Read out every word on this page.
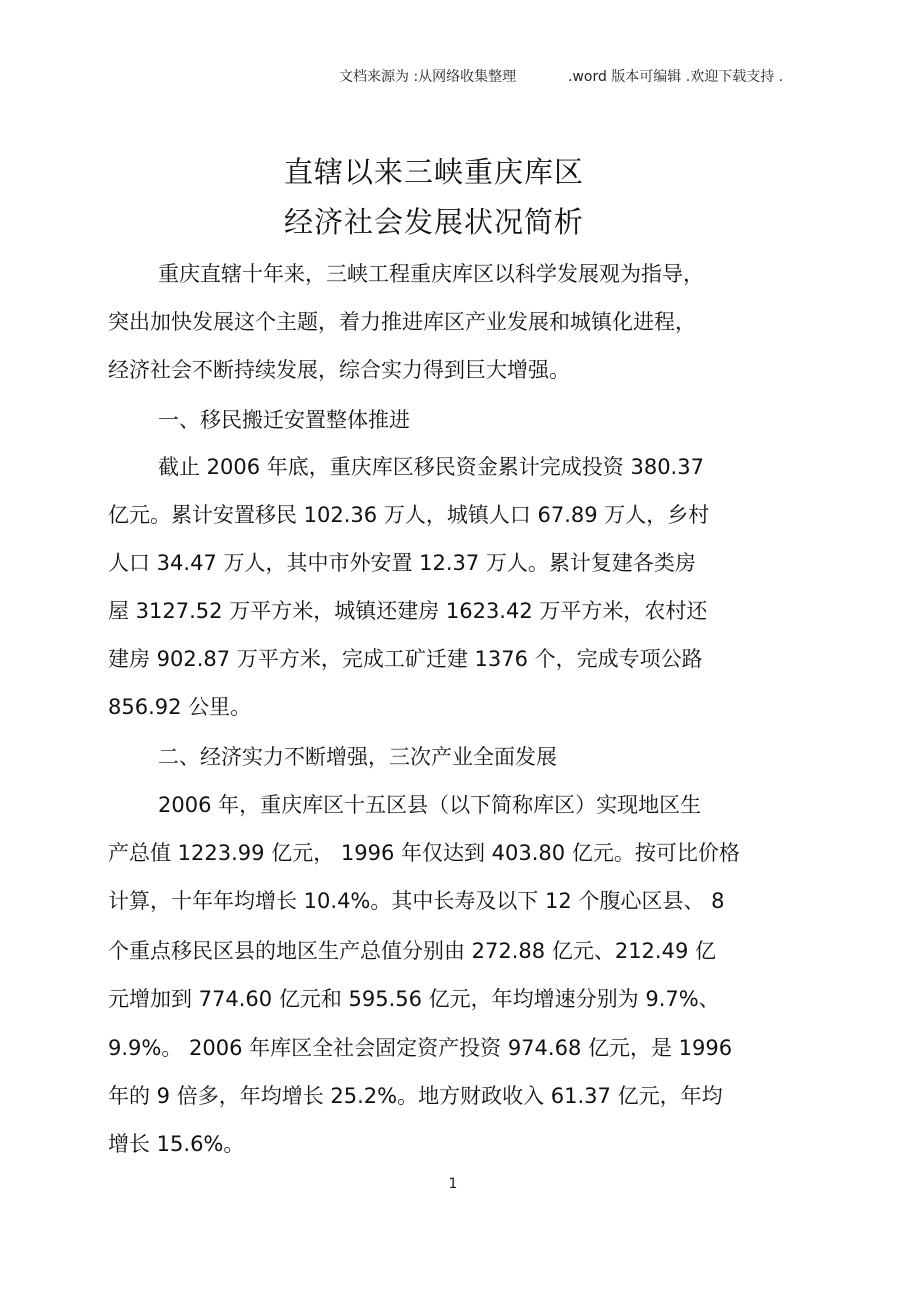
文档来源为 :从网络收集整理	.word 版本可编辑 .欢迎下载支持 .
直辖以来三峡重庆库区
经济社会发展状况简析
重庆直辖十年来，三峡工程重庆库区以科学发展观为指导，
突出加快发展这个主题，着力推进库区产业发展和城镇化进程，
经济社会不断持续发展，综合实力得到巨大增强。
一、移民搬迁安置整体推进
截止 2006 年底，重庆库区移民资金累计完成投资 380.37
亿元。累计安置移民 102.36 万人，城镇人口 67.89 万人，乡村
人口 34.47 万人，其中市外安置 12.37 万人。累计复建各类房
屋 3127.52 万平方米，城镇还建房 1623.42 万平方米，农村还
建房 902.87 万平方米，完成工矿迁建 1376 个，完成专项公路
856.92 公里。
二、经济实力不断增强，三次产业全面发展
2006 年，重庆库区十五区县（以下简称库区）实现地区生
产总值 1223.99 亿元， 1996 年仅达到 403.80 亿元。按可比价格
计算，十年年均增长 10.4%。其中长寿及以下 12 个腹心区县、 8
个重点移民区县的地区生产总值分别由 272.88 亿元、212.49 亿
元增加到 774.60 亿元和 595.56 亿元，年均增速分别为 9.7%、
9.9%。 2006 年库区全社会固定资产投资 974.68 亿元，是 1996
年的 9 倍多，年均增长 25.2%。地方财政收入 61.37 亿元，年均
增长 15.6%。
1
